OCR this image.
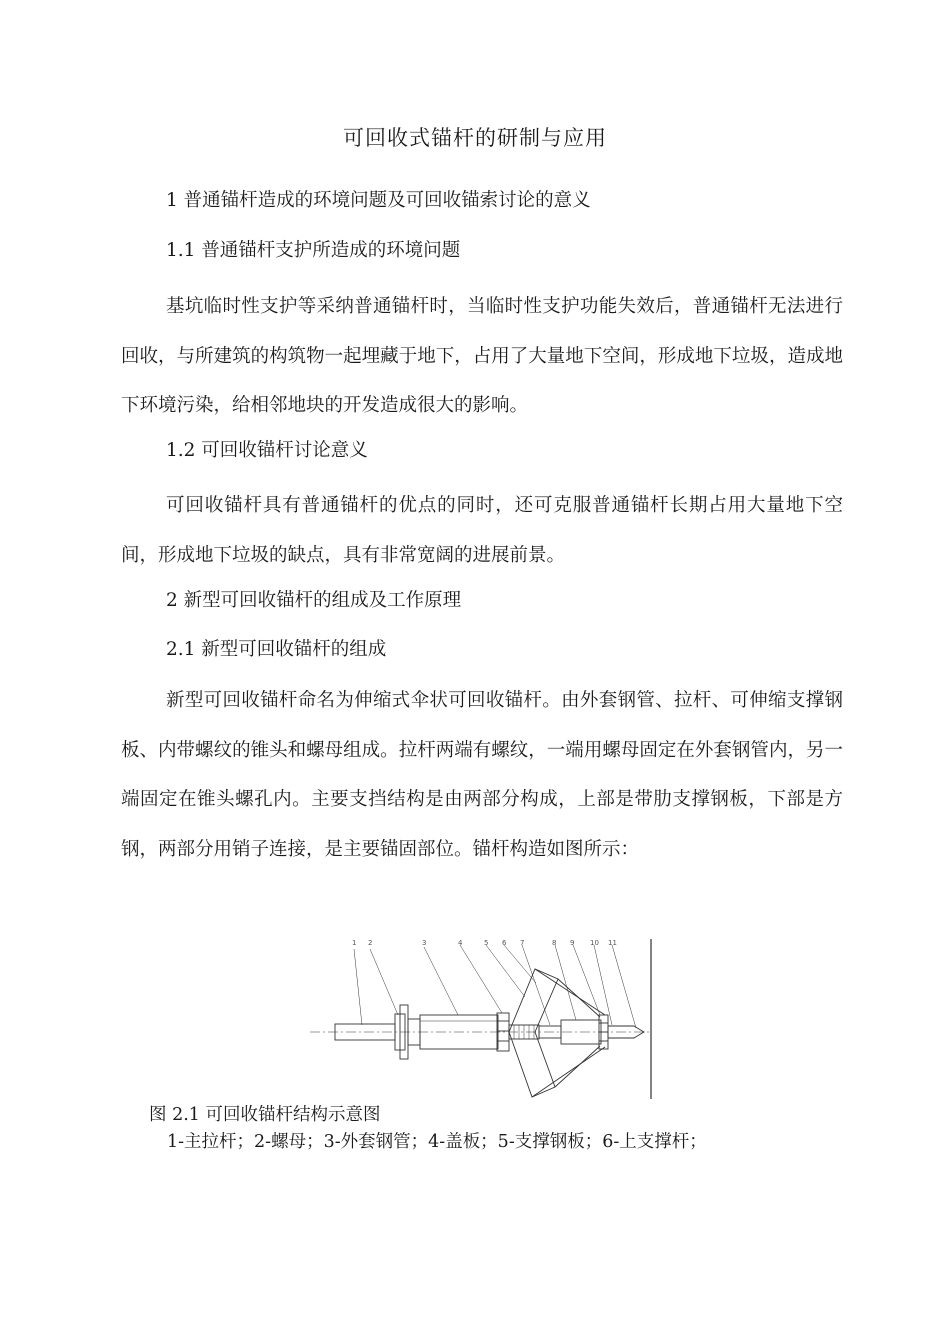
可回收式锚杆的研制与应用
1 普通锚杆造成的环境问题及可回收锚索讨论的意义
1.1 普通锚杆支护所造成的环境问题

基坑临时性支护等采纳普通锚杆时，当临时性支护功能失效后，普通锚杆无法进行回收，与所建筑的构筑物一起埋藏于地下，占用了大量地下空间，形成地下垃圾，造成地下环境污染，给相邻地块的开发造成很大的影响。

1.2 可回收锚杆讨论意义

可回收锚杆具有普通锚杆的优点的同时，还可克服普通锚杆长期占用大量地下空间，形成地下垃圾的缺点，具有非常宽阔的进展前景。

2 新型可回收锚杆的组成及工作原理
2.1 新型可回收锚杆的组成

新型可回收锚杆命名为伸缩式伞状可回收锚杆。由外套钢管、拉杆、可伸缩支撑钢板、内带螺纹的锥头和螺母组成。拉杆两端有螺纹，一端用螺母固定在外套钢管内，另一端固定在锥头螺孔内。主要支挡结构是由两部分构成，上部是带肋支撑钢板，下部是方钢，两部分用销子连接，是主要锚固部位。锚杆构造如图所示：

1 2	3	4	5 6 7	8 9 10 11
图 2.1 可回收锚杆结构示意图
1-主拉杆；2-螺母；3-外套钢管；4-盖板；5-支撑钢板；6-上支撑杆；
